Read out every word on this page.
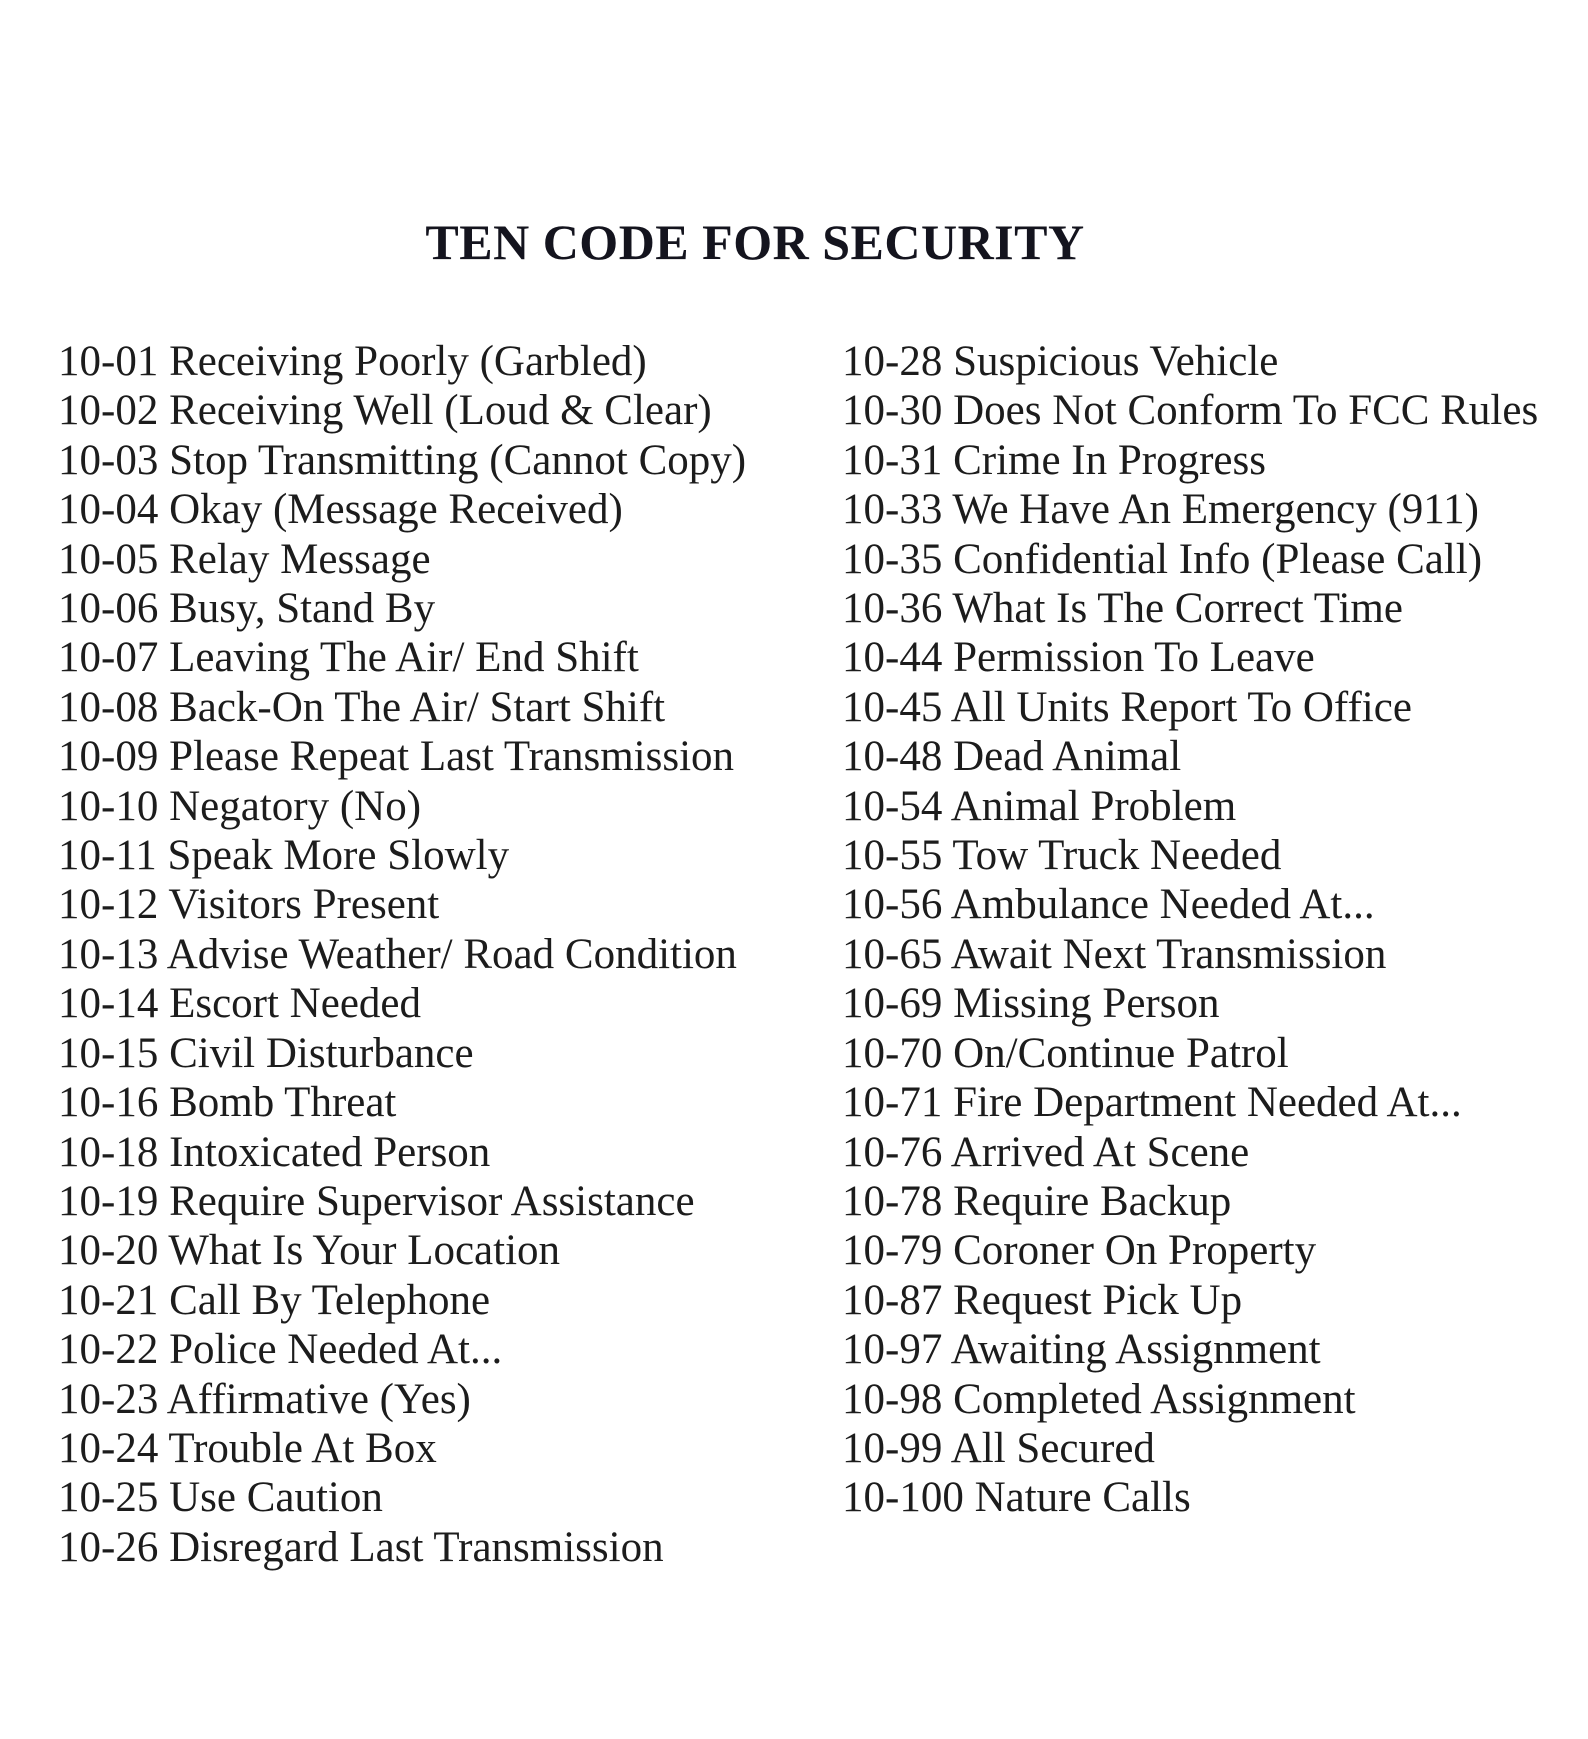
TEN CODE FOR SECURITY
10-01 Receiving Poorly (Garbled)
10-02 Receiving Well (Loud & Clear)
10-03 Stop Transmitting (Cannot Copy)
10-04 Okay (Message Received)
10-05 Relay Message
10-06 Busy, Stand By
10-07 Leaving The Air/ End Shift
10-08 Back-On The Air/ Start Shift
10-09 Please Repeat Last Transmission
10-10 Negatory (No)
10-11 Speak More Slowly
10-12 Visitors Present
10-13 Advise Weather/ Road Condition
10-14 Escort Needed
10-15 Civil Disturbance
10-16 Bomb Threat
10-18 Intoxicated Person
10-19 Require Supervisor Assistance
10-20 What Is Your Location
10-21 Call By Telephone
10-22 Police Needed At...
10-23 Affirmative (Yes)
10-24 Trouble At Box
10-25 Use Caution
10-26 Disregard Last Transmission
10-28 Suspicious Vehicle
10-30 Does Not Conform To FCC Rules
10-31 Crime In Progress
10-33 We Have An Emergency (911)
10-35 Confidential Info (Please Call)
10-36 What Is The Correct Time
10-44 Permission To Leave
10-45 All Units Report To Office
10-48 Dead Animal
10-54 Animal Problem
10-55 Tow Truck Needed
10-56 Ambulance Needed At...
10-65 Await Next Transmission
10-69 Missing Person
10-70 On/Continue Patrol
10-71 Fire Department Needed At...
10-76 Arrived At Scene
10-78 Require Backup
10-79 Coroner On Property
10-87 Request Pick Up
10-97 Awaiting Assignment
10-98 Completed Assignment
10-99 All Secured
10-100 Nature Calls
